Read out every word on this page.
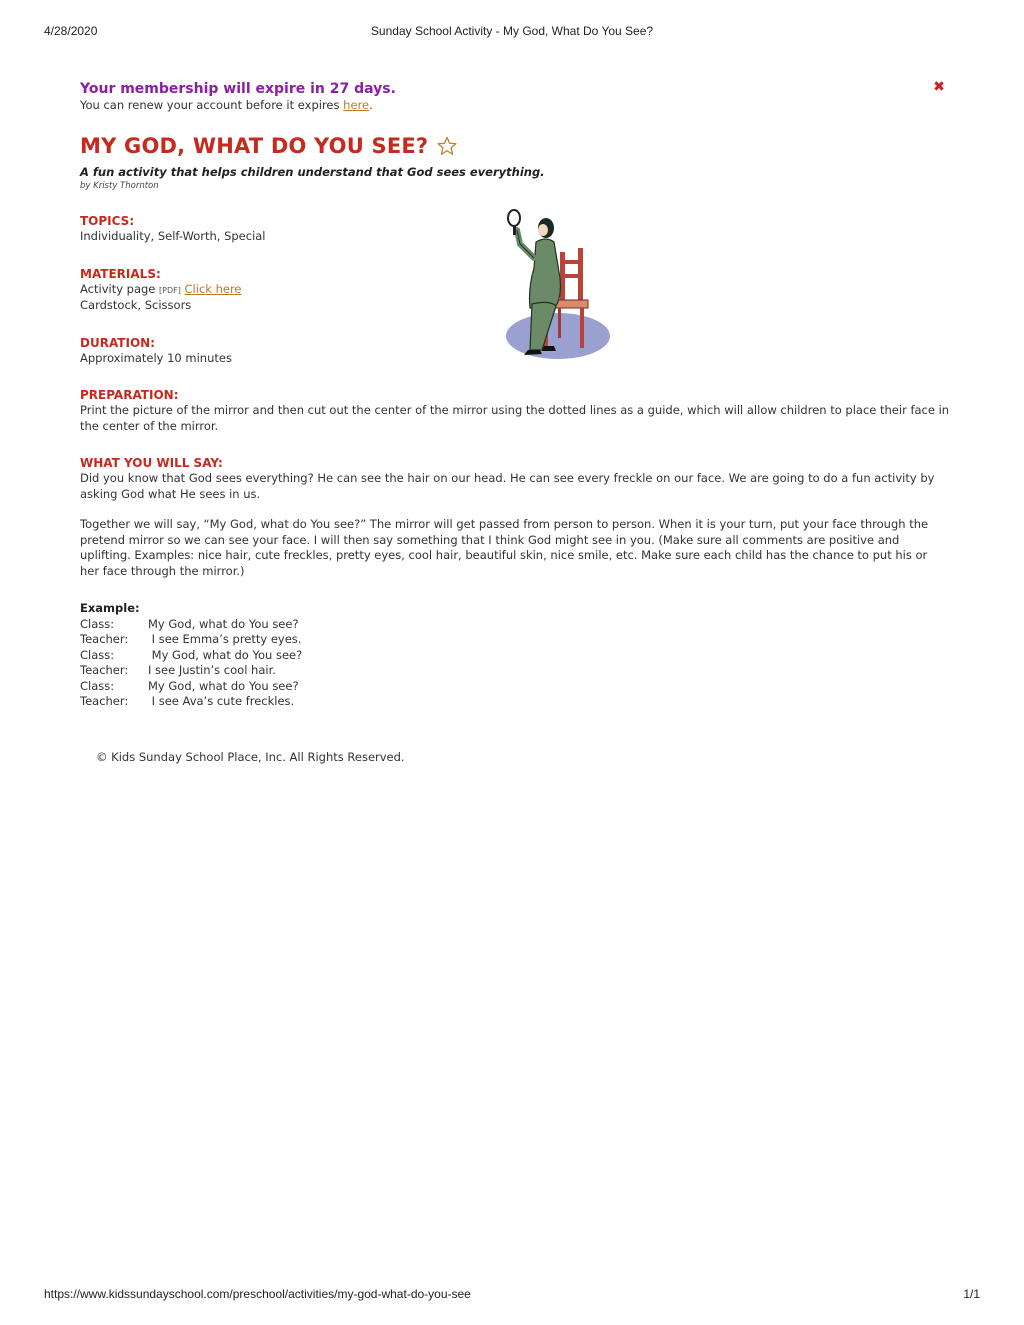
4/28/2020	Sunday School Activity - My God, What Do You See?
Your membership will expire in 27 days.
You can renew your account before it expires here.
✖
MY GOD, WHAT DO YOU SEE?
A fun activity that helps children understand that God sees everything.
by Kristy Thornton
TOPICS:
Individuality, Self-Worth, Special
MATERIALS:
Activity page [PDF] Click here
Cardstock, Scissors
DURATION:
Approximately 10 minutes
PREPARATION:
Print the picture of the mirror and then cut out the center of the mirror using the dotted lines as a guide, which will allow children to place their face in the center of the mirror.
WHAT YOU WILL SAY:
Did you know that God sees everything? He can see the hair on our head. He can see every freckle on our face. We are going to do a fun activity by asking God what He sees in us.
Together we will say, “My God, what do You see?” The mirror will get passed from person to person. When it is your turn, put your face through the pretend mirror so we can see your face. I will then say something that I think God might see in you. (Make sure all comments are positive and uplifting. Examples: nice hair, cute freckles, pretty eyes, cool hair, beautiful skin, nice smile, etc. Make sure each child has the chance to put his or her face through the mirror.)
Example:
Class:	My God, what do You see?
Teacher:	I see Emma’s pretty eyes.
Class:	My God, what do You see?
Teacher:	I see Justin’s cool hair.
Class:	My God, what do You see?
Teacher:	I see Ava’s cute freckles.
© Kids Sunday School Place, Inc. All Rights Reserved.
https://www.kidssundayschool.com/preschool/activities/my-god-what-do-you-see	1/1
